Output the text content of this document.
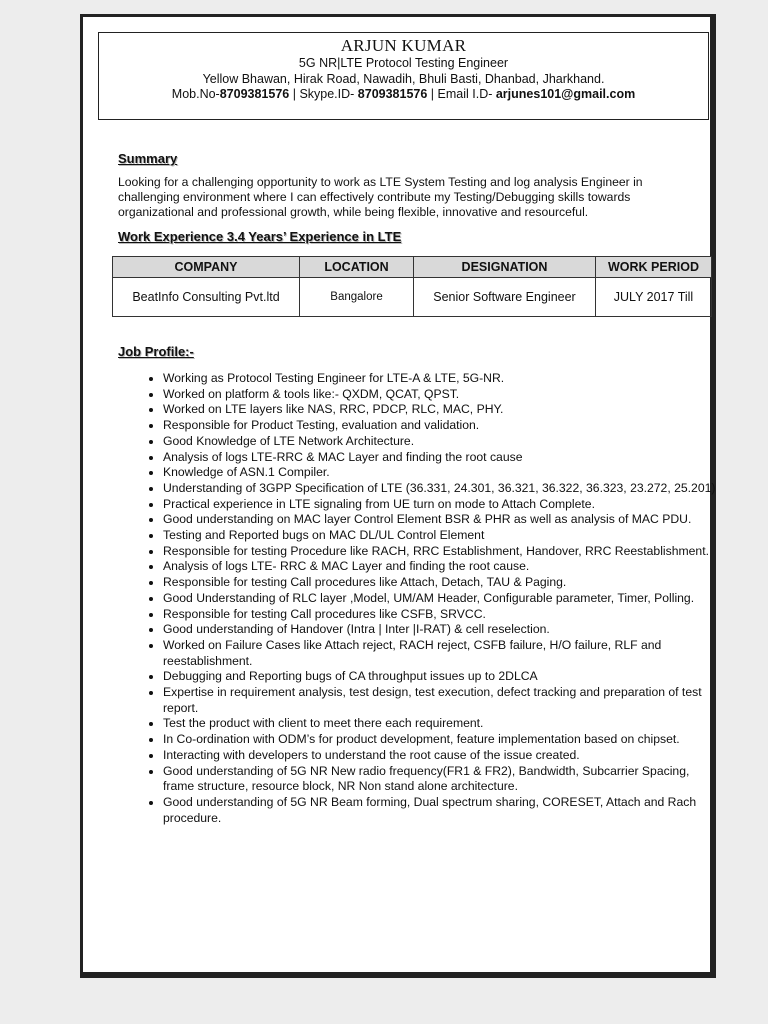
ARJUN KUMAR
5G NR|LTE Protocol Testing Engineer
Yellow Bhawan, Hirak Road, Nawadih, Bhuli Basti, Dhanbad, Jharkhand.
Mob.No-8709381576 | Skype.ID- 8709381576 | Email I.D- arjunes101@gmail.com
Summary
Looking for a challenging opportunity to work as LTE System Testing and log analysis Engineer in challenging environment where I can effectively contribute my Testing/Debugging skills towards organizational and professional growth, while being flexible, innovative and resourceful.
Work Experience 3.4 Years’ Experience in LTE
COMPANY	LOCATION	DESIGNATION	WORK PERIOD
BeatInfo Consulting Pvt.ltd	Bangalore	Senior Software Engineer	JULY 2017 Till
Job Profile:-
• Working as Protocol Testing Engineer for LTE-A & LTE, 5G-NR.
• Worked on platform & tools like:- QXDM, QCAT, QPST.
• Worked on LTE layers like NAS, RRC, PDCP, RLC, MAC, PHY.
• Responsible for Product Testing, evaluation and validation.
• Good Knowledge of LTE Network Architecture.
• Analysis of logs LTE-RRC & MAC Layer and finding the root cause
• Knowledge of ASN.1 Compiler.
• Understanding of 3GPP Specification of LTE (36.331, 24.301, 36.321, 36.322, 36.323, 23.272, 25.201)
• Practical experience in LTE signaling from UE turn on mode to Attach Complete.
• Good understanding on MAC layer Control Element BSR & PHR as well as analysis of MAC PDU.
• Testing and Reported bugs on MAC DL/UL Control Element
• Responsible for testing Procedure like RACH, RRC Establishment, Handover, RRC Reestablishment.
• Analysis of logs LTE- RRC & MAC Layer and finding the root cause.
• Responsible for testing Call procedures like Attach, Detach, TAU & Paging.
• Good Understanding of RLC layer ,Model, UM/AM Header, Configurable parameter, Timer, Polling.
• Responsible for testing Call procedures like CSFB, SRVCC.
• Good understanding of Handover (Intra | Inter |I-RAT) & cell reselection.
• Worked on Failure Cases like Attach reject, RACH reject, CSFB failure, H/O failure, RLF and reestablishment.
• Debugging and Reporting bugs of CA throughput issues up to 2DLCA
• Expertise in requirement analysis, test design, test execution, defect tracking and preparation of test report.
• Test the product with client to meet there each requirement.
• In Co-ordination with ODM’s for product development, feature implementation based on chipset.
• Interacting with developers to understand the root cause of the issue created.
• Good understanding of 5G NR New radio frequency(FR1 & FR2), Bandwidth, Subcarrier Spacing, frame structure, resource block, NR Non stand alone architecture.
• Good understanding of 5G NR Beam forming, Dual spectrum sharing, CORESET, Attach and Rach procedure.
